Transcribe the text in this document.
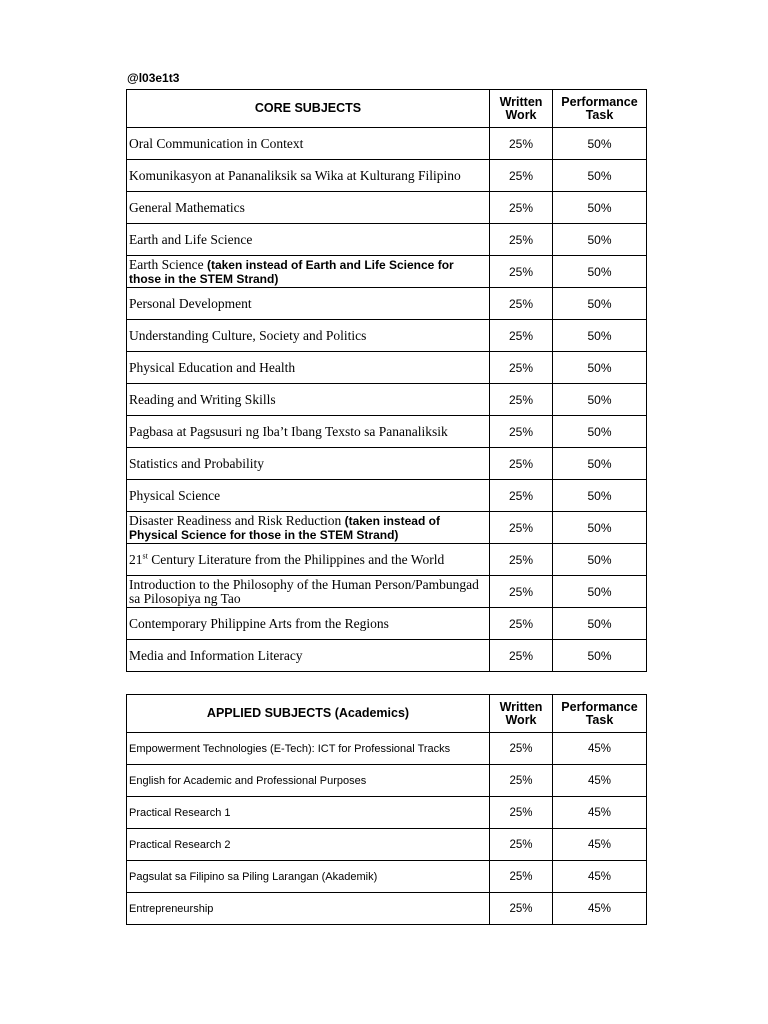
@l03e1t3
CORE SUBJECTS	Written Work	Performance Task
Oral Communication in Context	25%	50%
Komunikasyon at Pananaliksik sa Wika at Kulturang Filipino	25%	50%
General Mathematics	25%	50%
Earth and Life Science	25%	50%
Earth Science (taken instead of Earth and Life Science for those in the STEM Strand)	25%	50%
Personal Development	25%	50%
Understanding Culture, Society and Politics	25%	50%
Physical Education and Health	25%	50%
Reading and Writing Skills	25%	50%
Pagbasa at Pagsusuri ng Iba’t Ibang Texsto sa Pananaliksik	25%	50%
Statistics and Probability	25%	50%
Physical Science	25%	50%
Disaster Readiness and Risk Reduction (taken instead of Physical Science for those in the STEM Strand)	25%	50%
21st Century Literature from the Philippines and the World	25%	50%
Introduction to the Philosophy of the Human Person/Pambungad sa Pilosopiya ng Tao	25%	50%
Contemporary Philippine Arts from the Regions	25%	50%
Media and Information Literacy	25%	50%
APPLIED SUBJECTS (Academics)	Written Work	Performance Task
Empowerment Technologies (E-Tech): ICT for Professional Tracks	25%	45%
English for Academic and Professional Purposes	25%	45%
Practical Research 1	25%	45%
Practical Research 2	25%	45%
Pagsulat sa Filipino sa Piling Larangan (Akademik)	25%	45%
Entrepreneurship	25%	45%
